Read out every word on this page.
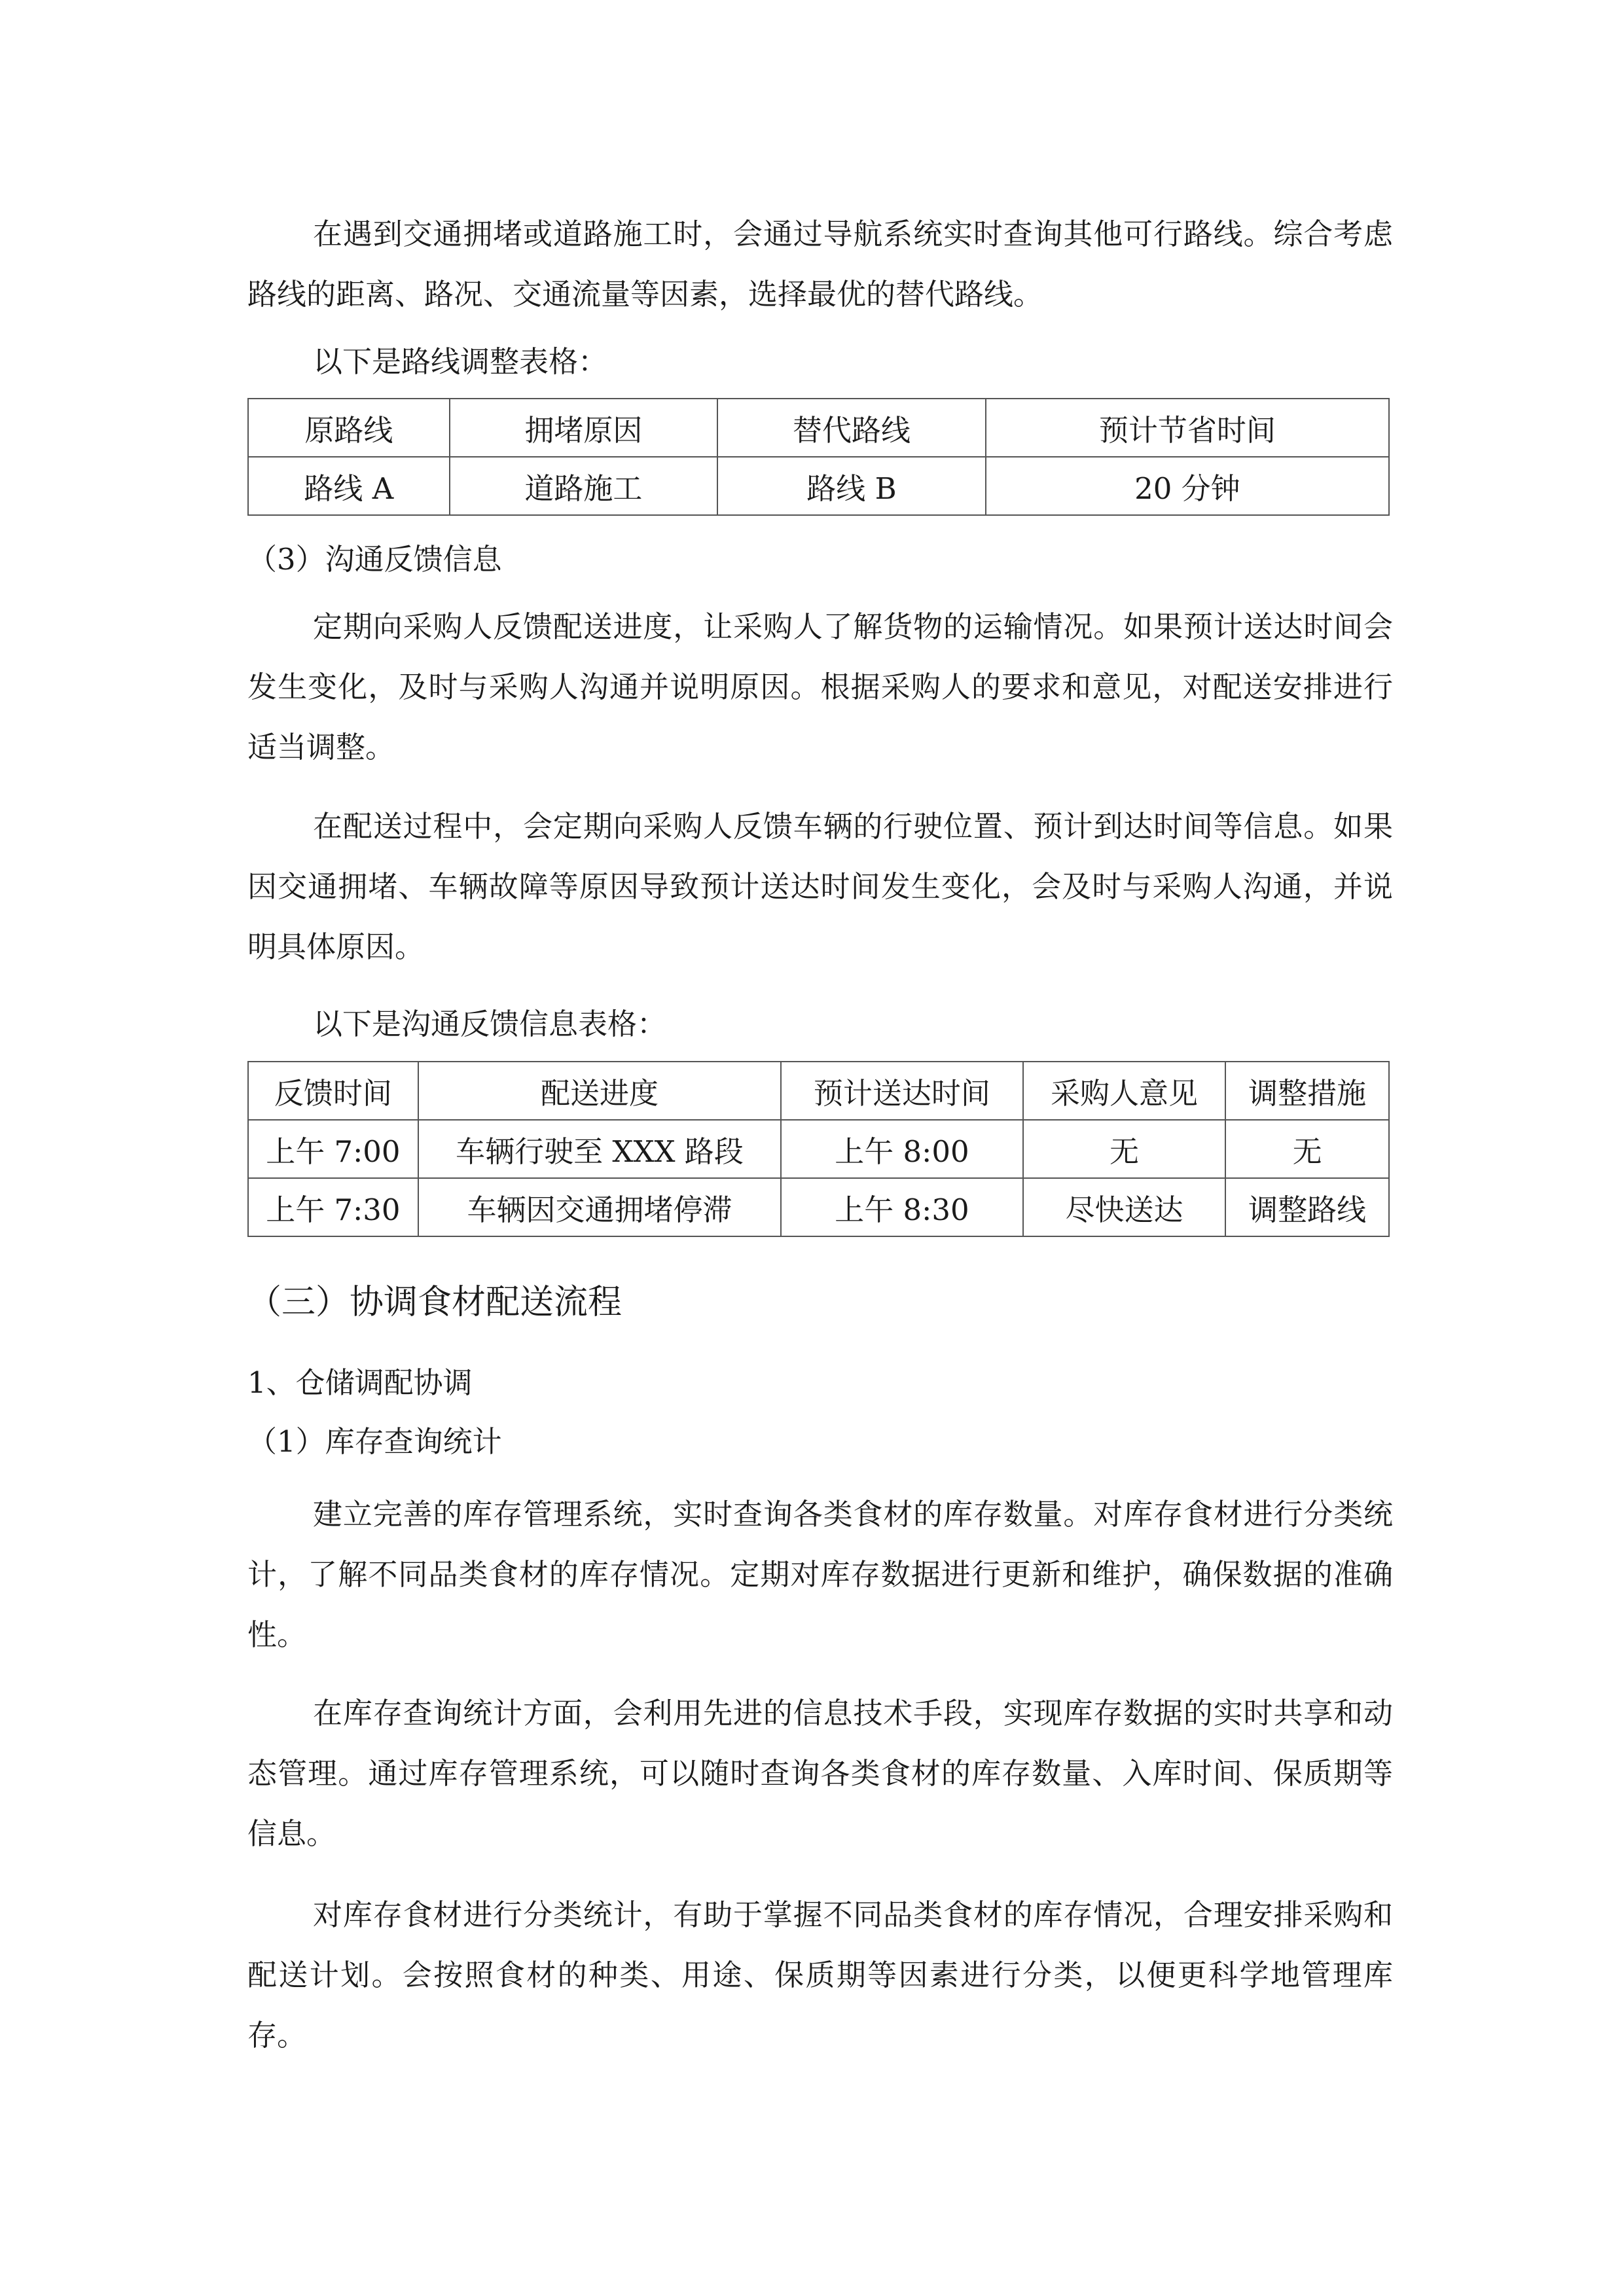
在遇到交通拥堵或道路施工时，会通过导航系统实时查询其他可行路线。综合考虑路线的距离、路况、交通流量等因素，选择最优的替代路线。

以下是路线调整表格：

原路线	拥堵原因	替代路线	预计节省时间
路线 A	道路施工	路线 B	20 分钟

（3）沟通反馈信息

定期向采购人反馈配送进度，让采购人了解货物的运输情况。如果预计送达时间会发生变化，及时与采购人沟通并说明原因。根据采购人的要求和意见，对配送安排进行适当调整。

在配送过程中，会定期向采购人反馈车辆的行驶位置、预计到达时间等信息。如果因交通拥堵、车辆故障等原因导致预计送达时间发生变化，会及时与采购人沟通，并说明具体原因。

以下是沟通反馈信息表格：

反馈时间	配送进度	预计送达时间	采购人意见	调整措施
上午 7:00	车辆行驶至 XXX 路段	上午 8:00	无	无
上午 7:30	车辆因交通拥堵停滞	上午 8:30	尽快送达	调整路线
（三）协调食材配送流程

1、仓储调配协调

（1）库存查询统计

建立完善的库存管理系统，实时查询各类食材的库存数量。对库存食材进行分类统计，了解不同品类食材的库存情况。定期对库存数据进行更新和维护，确保数据的准确性。

在库存查询统计方面，会利用先进的信息技术手段，实现库存数据的实时共享和动态管理。通过库存管理系统，可以随时查询各类食材的库存数量、入库时间、保质期等信息。

对库存食材进行分类统计，有助于掌握不同品类食材的库存情况，合理安排采购和配送计划。会按照食材的种类、用途、保质期等因素进行分类，以便更科学地管理库存。
